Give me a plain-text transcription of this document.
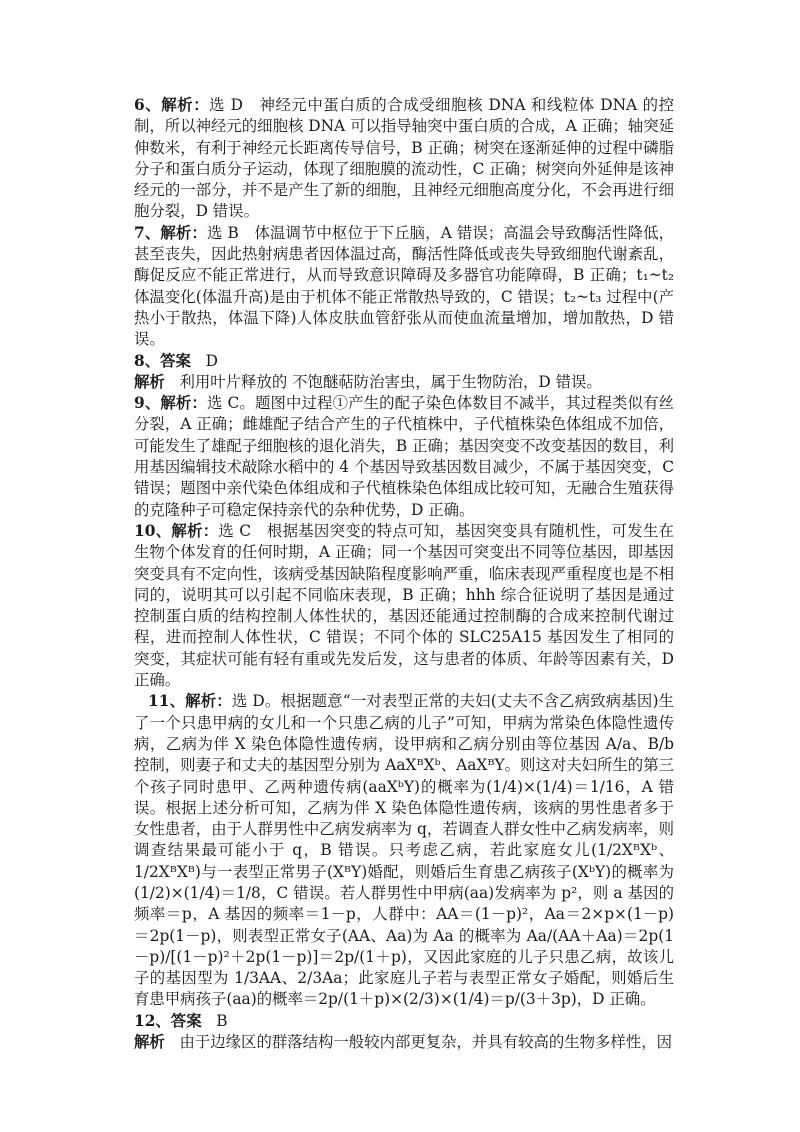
6、解析：选 D　神经元中蛋白质的合成受细胞核 DNA 和线粒体 DNA 的控制，所以神经元的细胞核 DNA 可以指导轴突中蛋白质的合成，A 正确；轴突延伸数米，有利于神经元长距离传导信号，B 正确；树突在逐渐延伸的过程中磷脂分子和蛋白质分子运动，体现了细胞膜的流动性，C 正确；树突向外延伸是该神经元的一部分，并不是产生了新的细胞，且神经元细胞高度分化，不会再进行细胞分裂，D 错误。

7、解析：选 B　体温调节中枢位于下丘脑，A 错误；高温会导致酶活性降低，甚至丧失，因此热射病患者因体温过高，酶活性降低或丧失导致细胞代谢紊乱，酶促反应不能正常进行，从而导致意识障碍及多器官功能障碍，B 正确；t₁~t₂体温变化(体温升高)是由于机体不能正常散热导致的，C 错误；t₂~t₃ 过程中(产热小于散热，体温下降)人体皮肤血管舒张从而使血流量增加，增加散热，D 错误。

8、答案 D

解析 利用叶片释放的 不饱醚萜防治害虫，属于生物防治，D 错误。

9、解析：选 C。题图中过程①产生的配子染色体数目不减半，其过程类似有丝分裂，A 正确；雌雄配子结合产生的子代植株中，子代植株染色体组成不加倍，可能发生了雄配子细胞核的退化消失，B 正确；基因突变不改变基因的数目，利用基因编辑技术敲除水稻中的 4 个基因导致基因数目减少，不属于基因突变，C 错误；题图中亲代染色体组成和子代植株染色体组成比较可知，无融合生殖获得的克隆种子可稳定保持亲代的杂种优势，D 正确。

10、解析：选 C　根据基因突变的特点可知，基因突变具有随机性，可发生在生物个体发育的任何时期，A 正确；同一个基因可突变出不同等位基因，即基因突变具有不定向性，该病受基因缺陷程度影响严重，临床表现严重程度也是不相同的，说明其可以引起不同临床表现，B 正确；hhh 综合征说明了基因是通过控制蛋白质的结构控制人体性状的，基因还能通过控制酶的合成来控制代谢过程，进而控制人体性状，C 错误；不同个体的 SLC25A15 基因发生了相同的突变，其症状可能有轻有重或先发后发，这与患者的体质、年龄等因素有关，D 正确。

11、解析：选 D。根据题意“一对表型正常的夫妇(丈夫不含乙病致病基因)生了一个只患甲病的女儿和一个只患乙病的儿子”可知，甲病为常染色体隐性遗传病，乙病为伴 X 染色体隐性遗传病，设甲病和乙病分别由等位基因 A/a、B/b 控制，则妻子和丈夫的基因型分别为 AaXᴮXᵇ、AaXᴮY。则这对夫妇所生的第三个孩子同时患甲、乙两种遗传病(aaXᵇY)的概率为(1/4)×(1/4)＝1/16，A 错误。根据上述分析可知，乙病为伴 X 染色体隐性遗传病，该病的男性患者多于女性患者，由于人群男性中乙病发病率为 q，若调查人群女性中乙病发病率，则调查结果最可能小于 q，B 错误。只考虑乙病，若此家庭女儿(1/2XᴮXᵇ、1/2XᴮXᴮ)与一表型正常男子(XᴮY)婚配，则婚后生育患乙病孩子(XᵇY)的概率为(1/2)×(1/4)＝1/8，C 错误。若人群男性中甲病(aa)发病率为 p²，则 a 基因的频率＝p，A 基因的频率＝1－p，人群中：AA＝(1－p)²，Aa＝2×p×(1－p)＝2p(1－p)，则表型正常女子(AA、Aa)为 Aa 的概率为 Aa/(AA＋Aa)＝2p(1－p)/[(1－p)²＋2p(1－p)]＝2p/(1＋p)，又因此家庭的儿子只患乙病，故该儿子的基因型为 1/3AA、2/3Aa；此家庭儿子若与表型正常女子婚配，则婚后生育患甲病孩子(aa)的概率＝2p/(1＋p)×(2/3)×(1/4)＝p/(3＋3p)，D 正确。

12、答案 B

解析 由于边缘区的群落结构一般较内部更复杂，并具有较高的生物多样性，因
